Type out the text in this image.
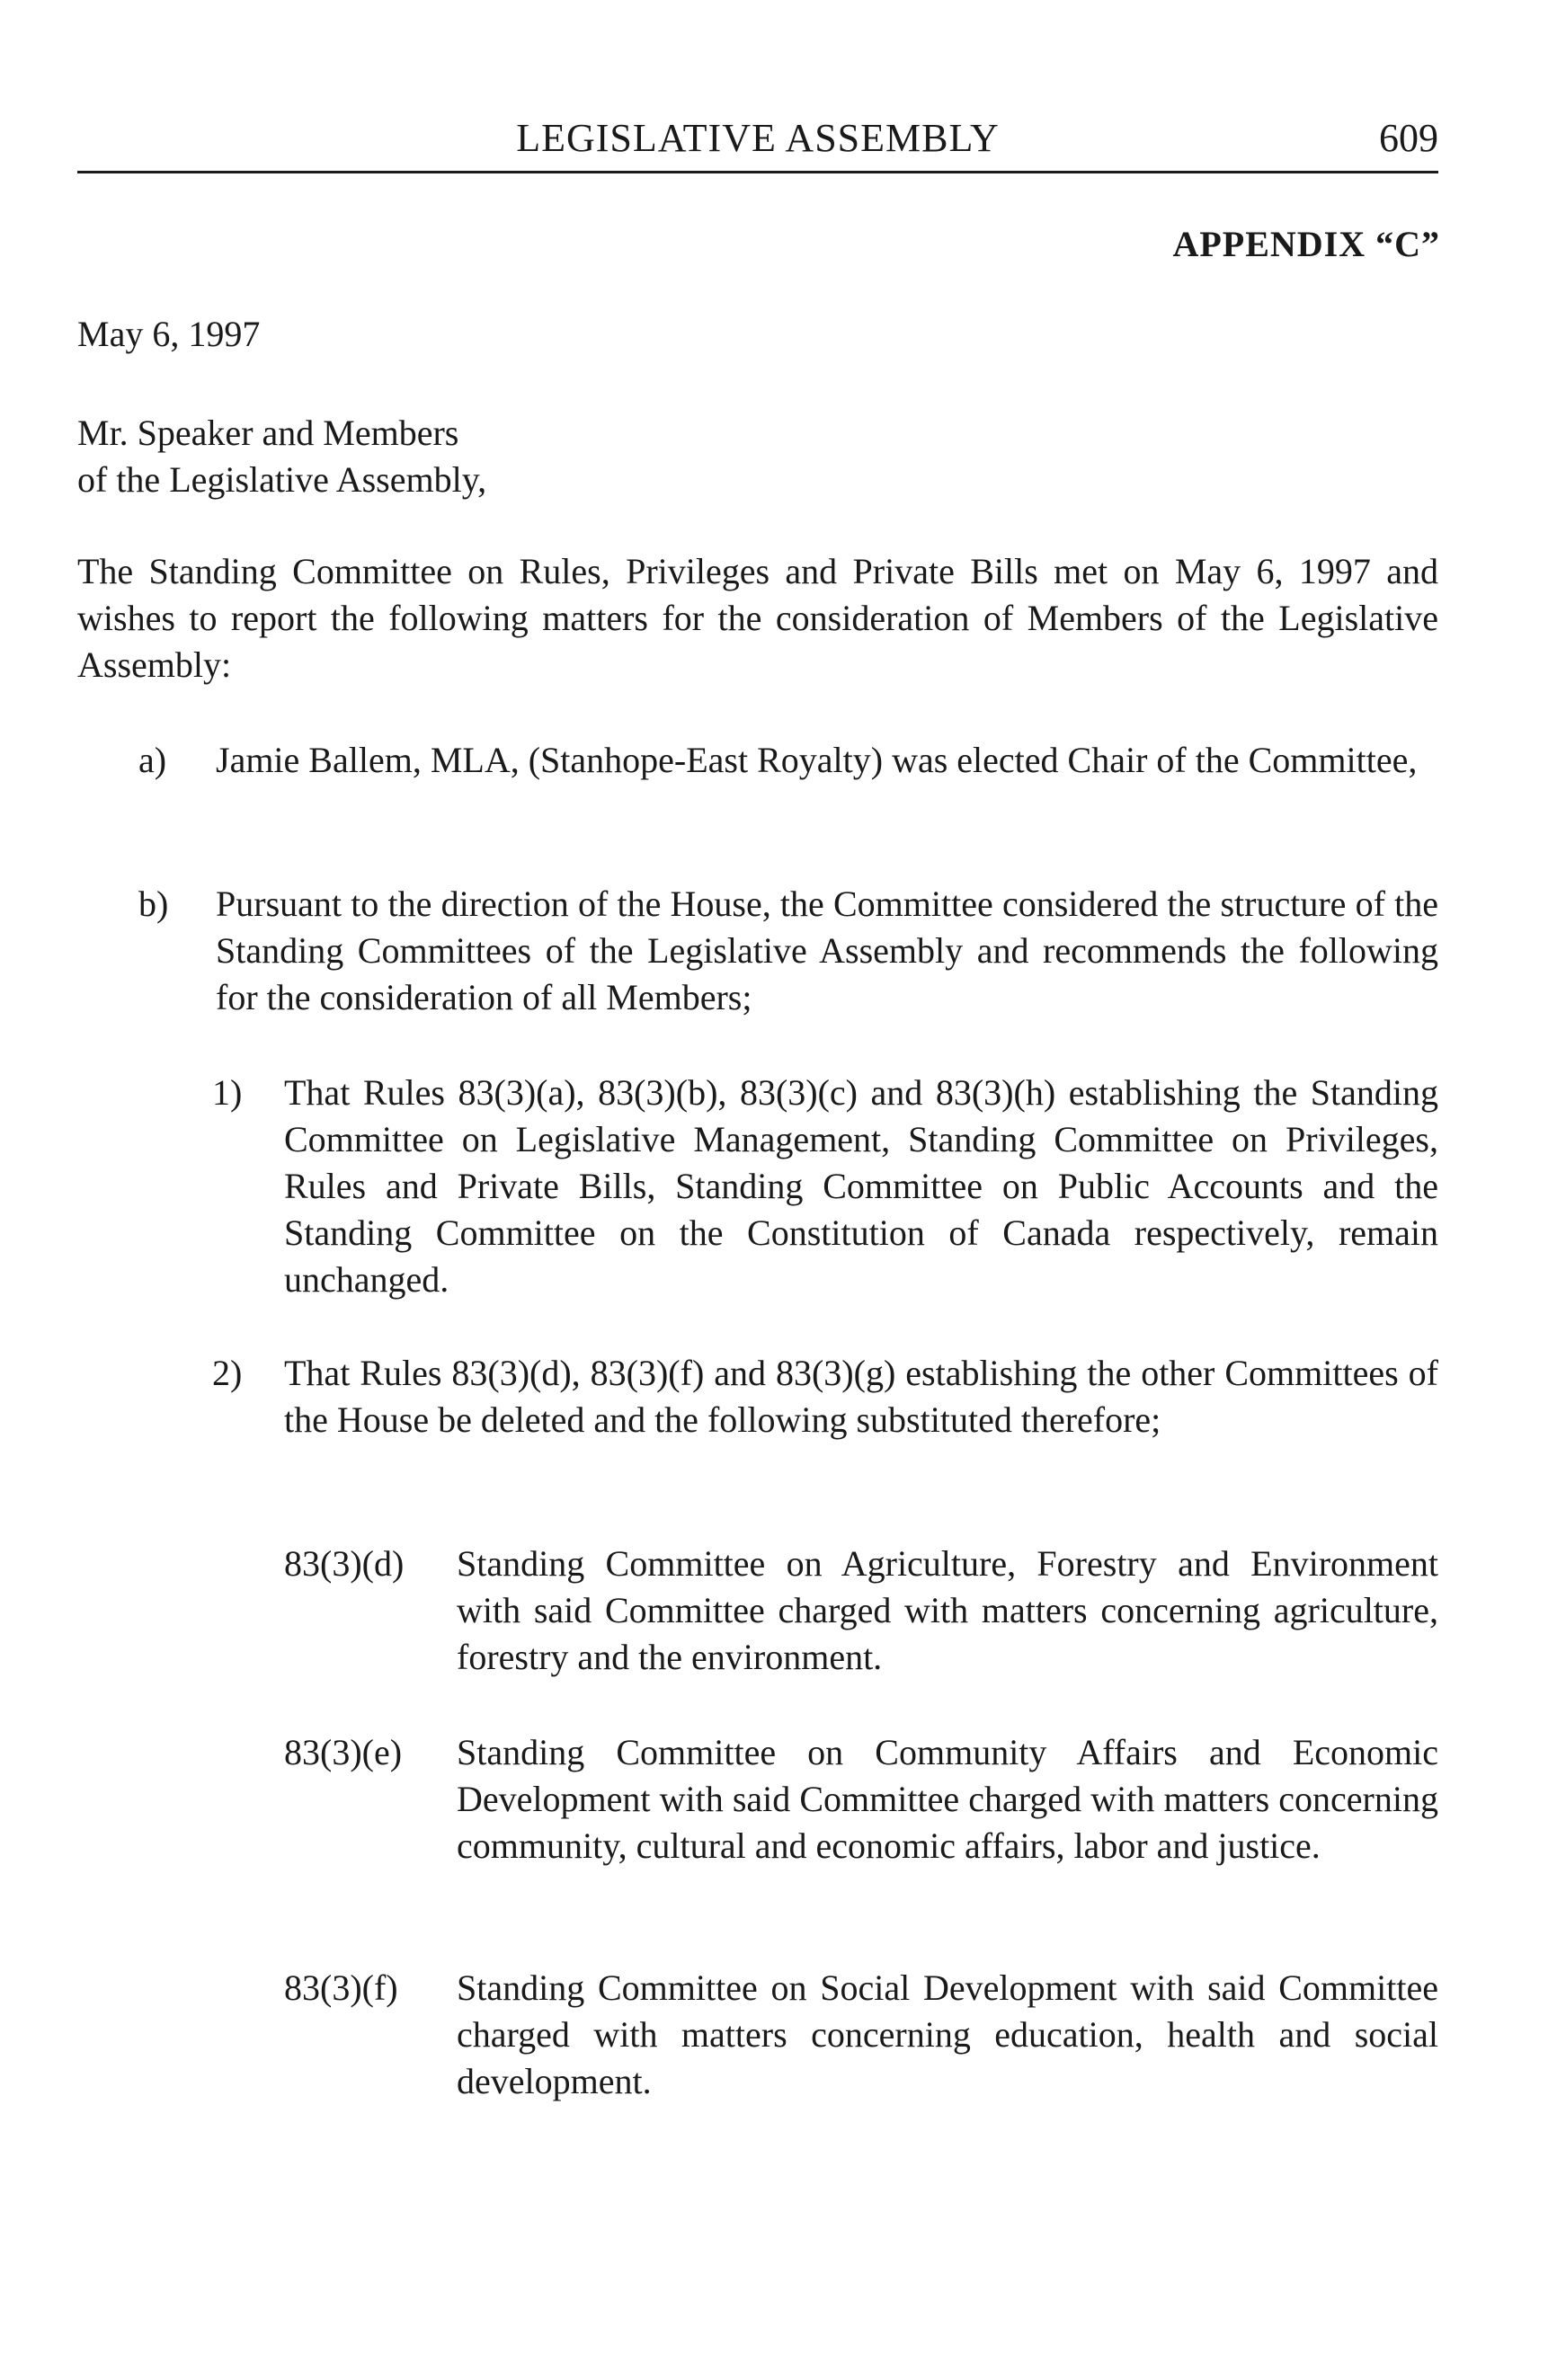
LEGISLATIVE ASSEMBLY	609
APPENDIX “C”
May 6, 1997
Mr. Speaker and Members
of the Legislative Assembly,
The Standing Committee on Rules, Privileges and Private Bills met on May 6, 1997 and wishes to report the following matters for the consideration of Members of the Legislative Assembly:
a) Jamie Ballem, MLA, (Stanhope-East Royalty) was elected Chair of the Committee,
b) Pursuant to the direction of the House, the Committee considered the structure of the Standing Committees of the Legislative Assembly and recommends the following for the consideration of all Members;
1) That Rules 83(3)(a), 83(3)(b), 83(3)(c) and 83(3)(h) establishing the Standing Committee on Legislative Management, Standing Committee on Privileges, Rules and Private Bills, Standing Committee on Public Accounts and the Standing Committee on the Constitution of Canada respectively, remain unchanged.
2) That Rules 83(3)(d), 83(3)(f) and 83(3)(g) establishing the other Committees of the House be deleted and the following substituted therefore;
83(3)(d) Standing Committee on Agriculture, Forestry and Environment with said Committee charged with matters concerning agriculture, forestry and the environment.
83(3)(e) Standing Committee on Community Affairs and Economic Development with said Committee charged with matters concerning community, cultural and economic affairs, labor and justice.
83(3)(f) Standing Committee on Social Development with said Committee charged with matters concerning education, health and social development.
